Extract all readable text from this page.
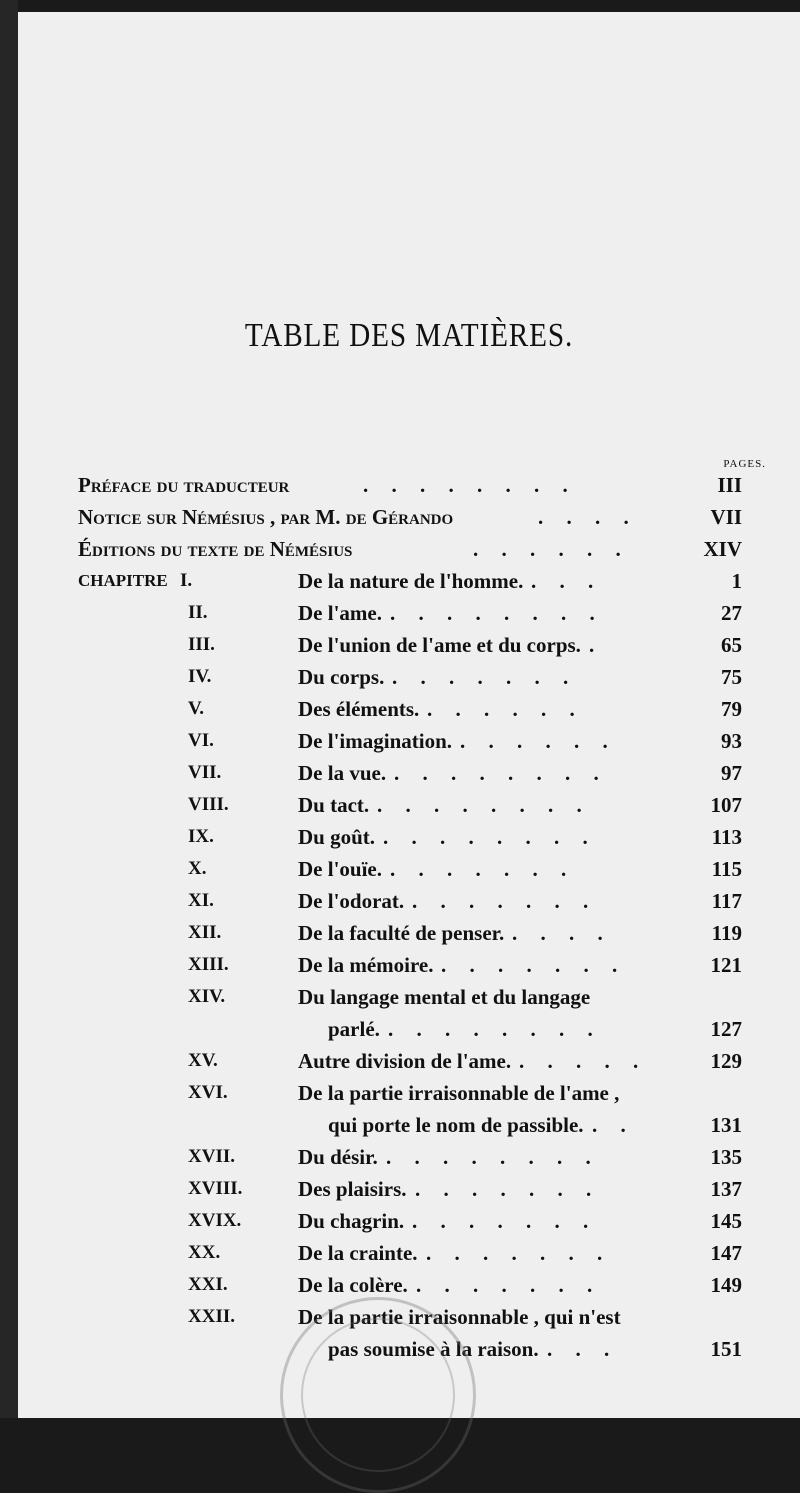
TABLE DES MATIÈRES.
PAGES.
Préface du traducteur	. . . . . . . .	III
Notice sur Némésius , par M. de Gérando	. . . .	VII
Éditions du texte de Némésius	. . . . . .	XIV
CHAPITRE I.	De la nature de l'homme. . . .	1
II.	De l'ame. . . . . . . . .	27
III.	De l'union de l'ame et du corps. .	65
IV.	Du corps. . . . . . . .	75
V.	Des éléments. . . . . . .	79
VI.	De l'imagination. . . . . . .	93
VII.	De la vue. . . . . . . . .	97
VIII.	Du tact. . . . . . . . .	107
IX.	Du goût. . . . . . . . .	113
X.	De l'ouïe. . . . . . . .	115
XI.	De l'odorat. . . . . . . .	117
XII.	De la faculté de penser. . . . .	119
XIII.	De la mémoire. . . . . . . .	121
XIV.	Du langage mental et du langage
parlé. . . . . . . . .	127
XV.	Autre division de l'ame. . . . . .	129
XVI.	De la partie irraisonnable de l'ame ,
qui porte le nom de passible. . .	131
XVII.	Du désir. . . . . . . . .	135
XVIII.	Des plaisirs. . . . . . . .	137
XVIX.	Du chagrin. . . . . . . .	145
XX.	De la crainte. . . . . . . .	147
XXI.	De la colère. . . . . . . .	149
XXII.	De la partie irraisonnable , qui n'est
pas soumise à la raison. . . .	151
